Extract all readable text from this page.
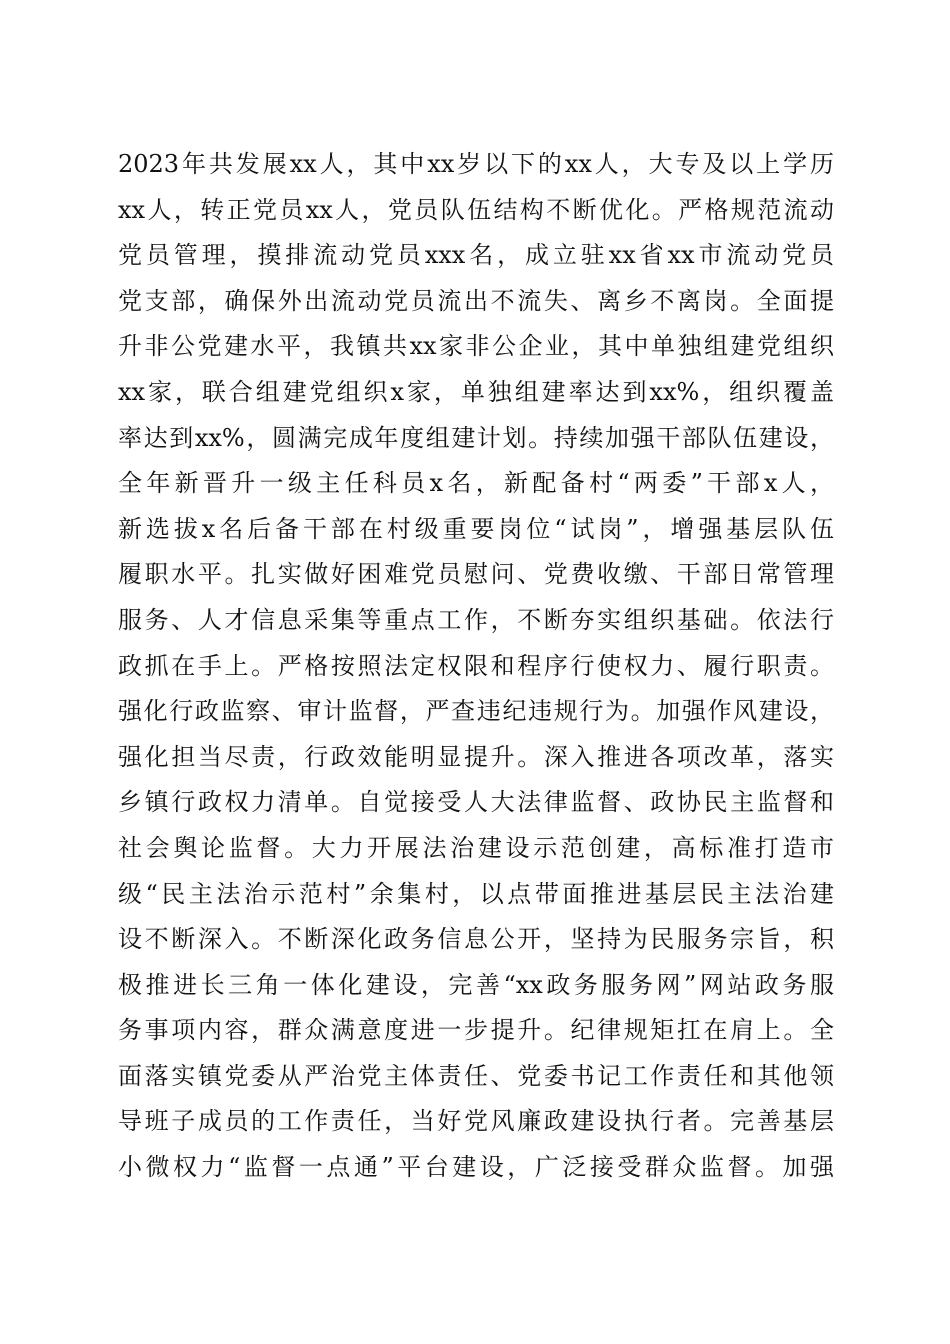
2023年共发展xx人，其中xx岁以下的xx人，大专及以上学历
xx人，转正党员xx人，党员队伍结构不断优化。严格规范流动
党员管理，摸排流动党员xxx名，成立驻xx省xx市流动党员
党支部，确保外出流动党员流出不流失、离乡不离岗。全面提
升非公党建水平，我镇共xx家非公企业，其中单独组建党组织
xx家，联合组建党组织x家，单独组建率达到xx%，组织覆盖
率达到xx%，圆满完成年度组建计划。持续加强干部队伍建设，
全年新晋升一级主任科员x名，新配备村“两委”干部x人，
新选拔x名后备干部在村级重要岗位“试岗”，增强基层队伍
履职水平。扎实做好困难党员慰问、党费收缴、干部日常管理
服务、人才信息采集等重点工作，不断夯实组织基础。依法行
政抓在手上。严格按照法定权限和程序行使权力、履行职责。
强化行政监察、审计监督，严查违纪违规行为。加强作风建设，
强化担当尽责，行政效能明显提升。深入推进各项改革，落实
乡镇行政权力清单。自觉接受人大法律监督、政协民主监督和
社会舆论监督。大力开展法治建设示范创建，高标准打造市
级“民主法治示范村”余集村，以点带面推进基层民主法治建
设不断深入。不断深化政务信息公开，坚持为民服务宗旨，积
极推进长三角一体化建设，完善“xx政务服务网”网站政务服
务事项内容，群众满意度进一步提升。纪律规矩扛在肩上。全
面落实镇党委从严治党主体责任、党委书记工作责任和其他领
导班子成员的工作责任，当好党风廉政建设执行者。完善基层
小微权力“监督一点通”平台建设，广泛接受群众监督。加强
